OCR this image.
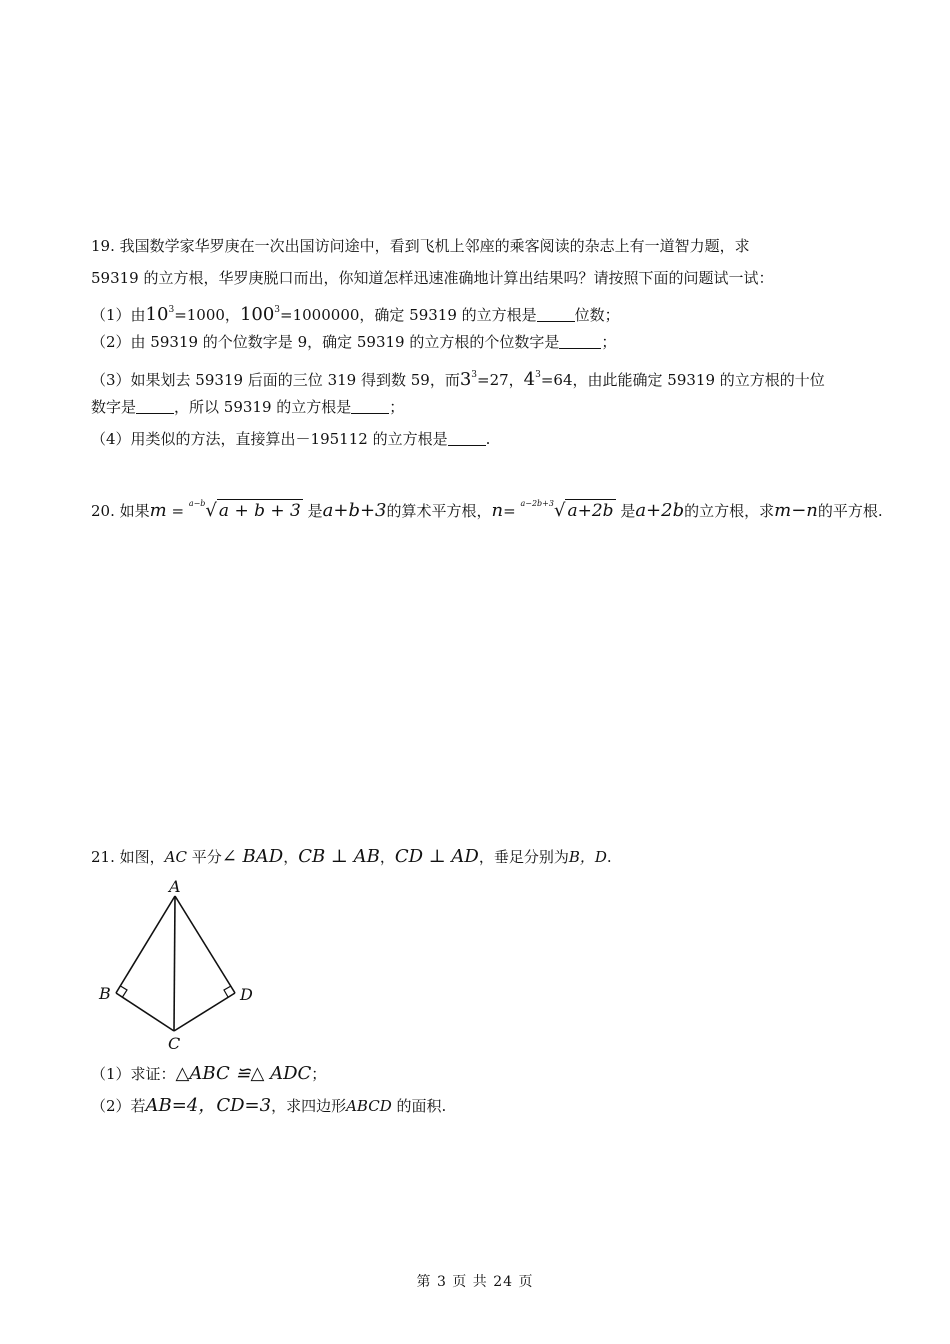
19. 我国数学家华罗庚在一次出国访问途中，看到飞机上邻座的乘客阅读的杂志上有一道智力题，求
59319 的立方根，华罗庚脱口而出，你知道怎样迅速准确地计算出结果吗？请按照下面的问题试一试：
（1）由$10^3=1000$，$100^3=1000000$，确定 59319 的立方根是	位数；
（2）由 59319 的个位数字是 9，确定 59319 的立方根的个位数字是	；
（3）如果划去 59319 后面的三位 319 得到数 59，而$3^3=27$，$4^3=64$，由此能确定 59319 的立方根的十位
数字是	，所以 59319 的立方根是	；
（4）用类似的方法，直接算出－195112 的立方根是	.
20. 如果m = $^{a-b}$√ a + b + 3 是a+b+3的算术平方根，n= $^{a-2b+3}$√ a+2b 是a+2b的立方根，求m−n的平方根.
21. 如图，AC 平分∠ BAD，CB ⊥ AB，CD ⊥ AD，垂足分别为B，D.
A
B
C
D
（1）求证：△ABC ≌△ ADC；
（2）若AB=4，CD=3，求四边形ABCD 的面积.
第 3 页 共 24 页
